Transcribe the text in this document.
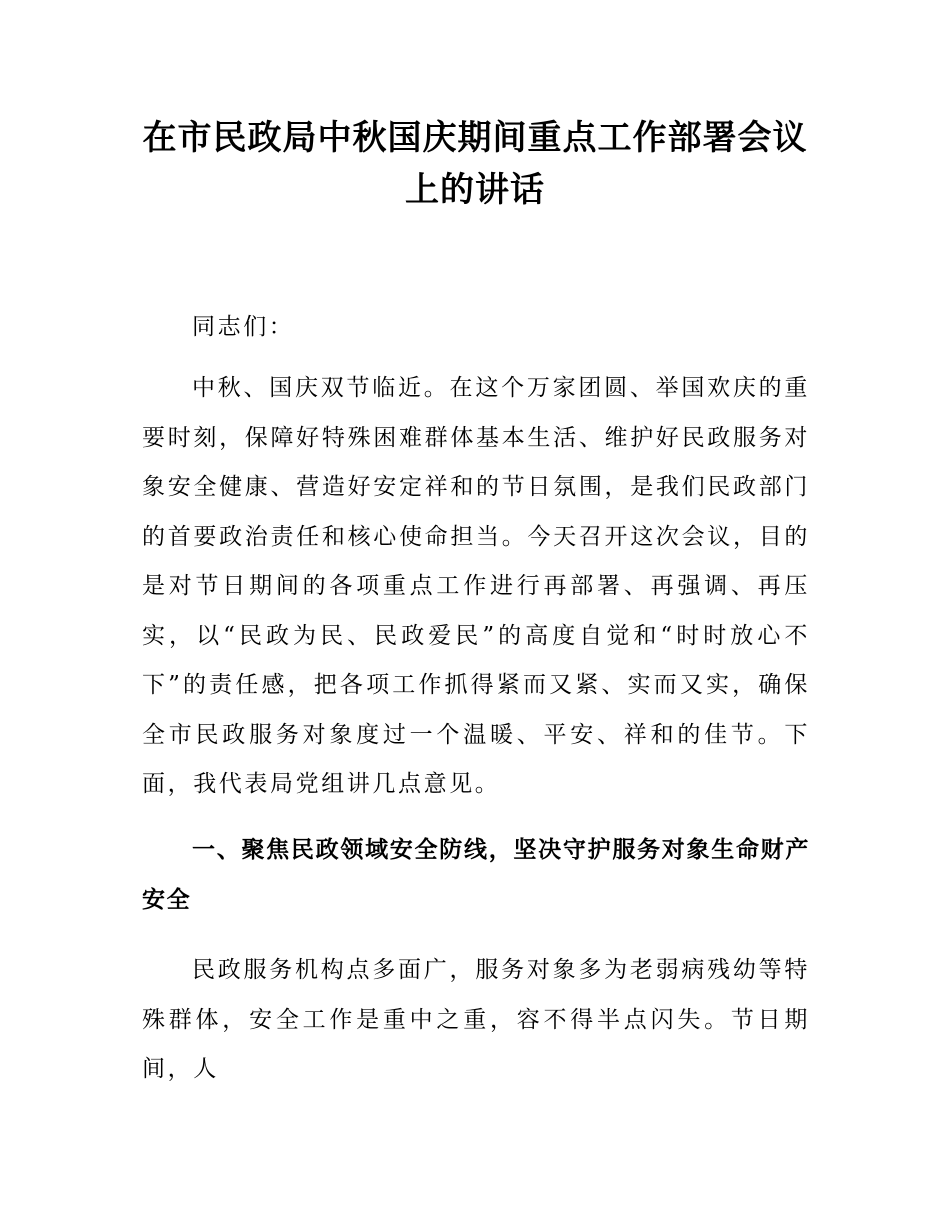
在市民政局中秋国庆期间重点工作部署会议上的讲话

同志们：

中秋、国庆双节临近。在这个万家团圆、举国欢庆的重要时刻，保障好特殊困难群体基本生活、维护好民政服务对象安全健康、营造好安定祥和的节日氛围，是我们民政部门的首要政治责任和核心使命担当。今天召开这次会议，目的是对节日期间的各项重点工作进行再部署、再强调、再压实，以“民政为民、民政爱民”的高度自觉和“时时放心不下”的责任感，把各项工作抓得紧而又紧、实而又实，确保全市民政服务对象度过一个温暖、平安、祥和的佳节。下面，我代表局党组讲几点意见。

一、聚焦民政领域安全防线，坚决守护服务对象生命财产安全

民政服务机构点多面广，服务对象多为老弱病残幼等特殊群体，安全工作是重中之重，容不得半点闪失。节日期间，人
